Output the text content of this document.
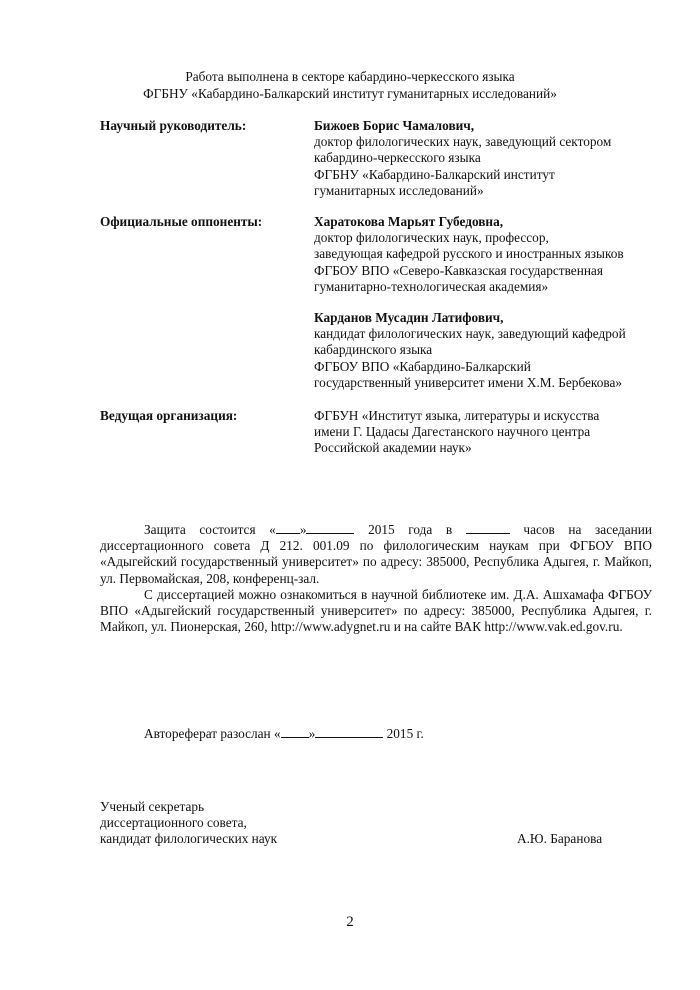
Работа выполнена в секторе кабардино-черкесского языка
ФГБНУ «Кабардино-Балкарский институт гуманитарных исследований»
Научный руководитель:	Бижоев Борис Чамалович,
доктор филологических наук, заведующий сектором
кабардино-черкесского языка
ФГБНУ «Кабардино-Балкарский институт
гуманитарных исследований»
Официальные оппоненты:	Харатокова Марьят Губедовна,
доктор филологических наук, профессор,
заведующая кафедрой русского и иностранных языков
ФГБОУ ВПО «Северо-Кавказская государственная
гуманитарно-технологическая академия»
Карданов Мусадин Латифович,
кандидат филологических наук, заведующий кафедрой
кабардинского языка
ФГБОУ ВПО «Кабардино-Балкарский
государственный университет имени Х.М. Бербекова»
Ведущая организация:	ФГБУН «Институт языка, литературы и искусства
имени Г. Цадасы Дагестанского научного центра
Российской академии наук»
Защита состоится « »	2015 года в	часов на заседании диссертационного совета Д 212. 001.09 по филологическим наукам при ФГБОУ ВПО «Адыгейский государственный университет» по адресу: 385000, Республика Адыгея, г. Майкоп, ул. Первомайская, 208, конференц-зал.
С диссертацией можно ознакомиться в научной библиотеке им. Д.А. Ашхамафа ФГБОУ ВПО «Адыгейский государственный университет» по адресу: 385000, Республика Адыгея, г. Майкоп, ул. Пионерская, 260, http://www.adygnet.ru и на сайте ВАК http://www.vak.ed.gov.ru.
Автореферат разослан « »	2015 г.
Ученый секретарь
диссертационного совета,
кандидат филологических наук	А.Ю. Баранова
2
